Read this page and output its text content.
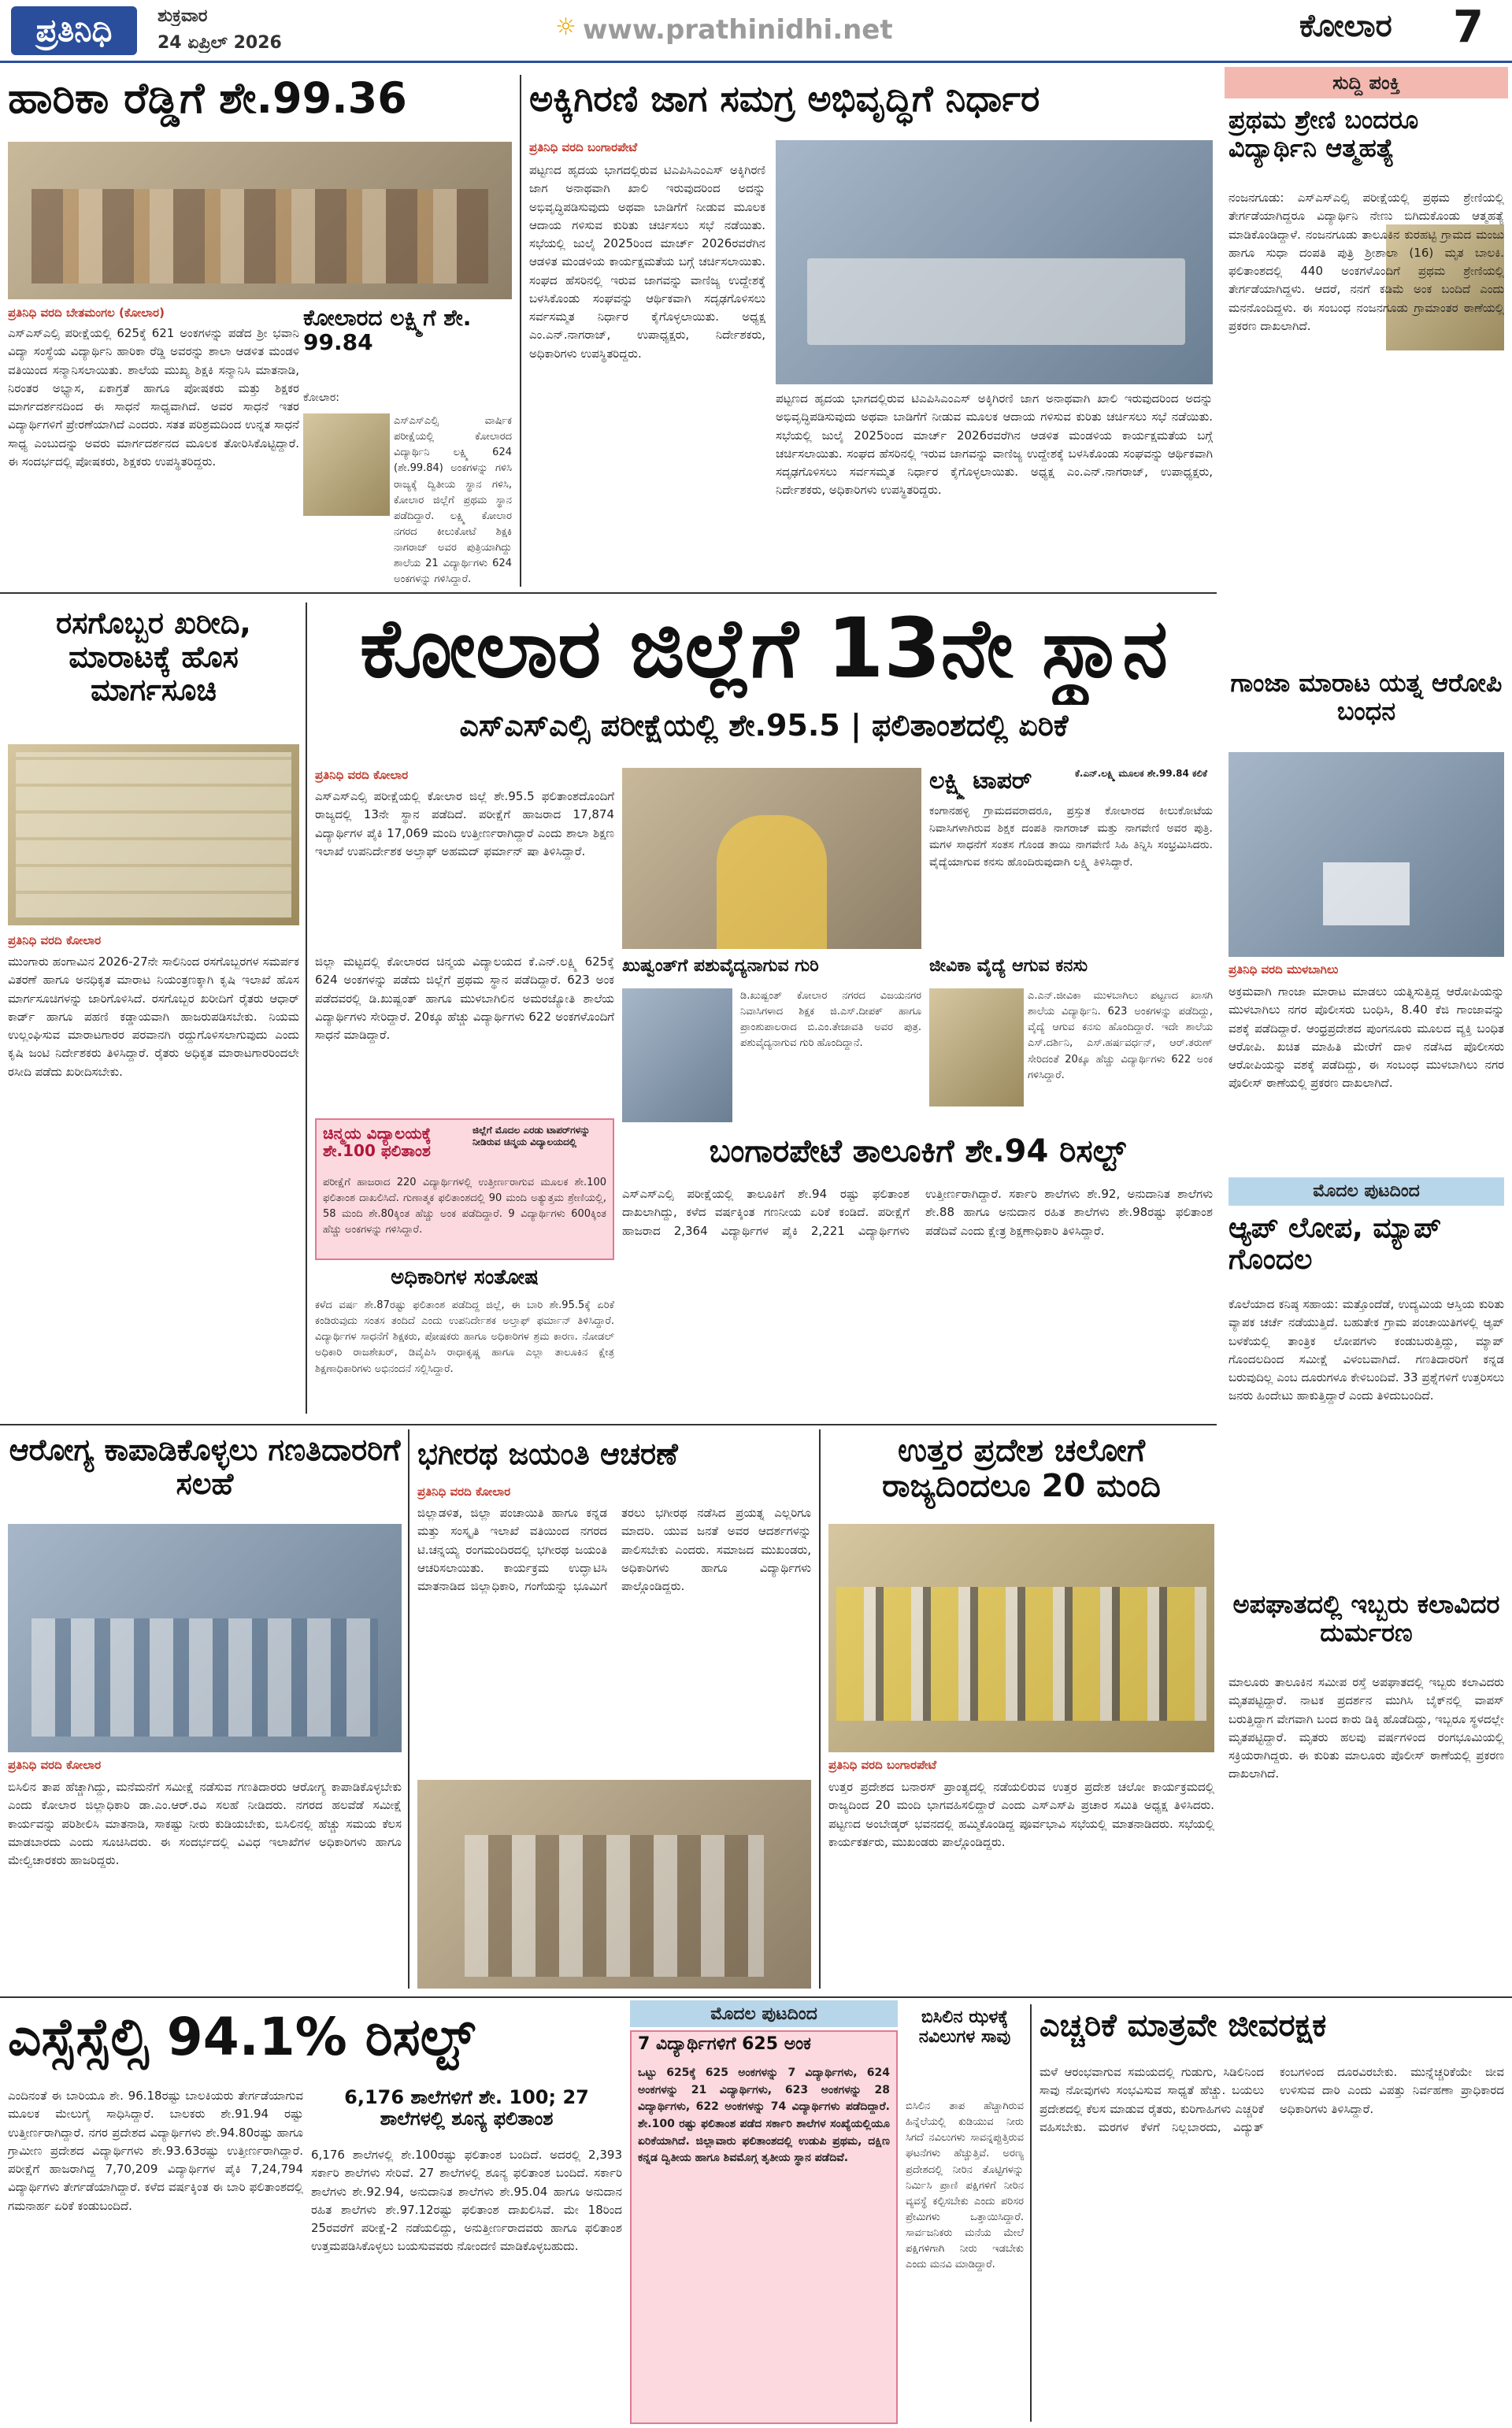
ಪ್ರತಿನಿಧಿ	ಶುಕ್ರವಾರ
24 ಏಪ್ರಿಲ್ 2026
☼ www.prathinidhi.net	ಕೋಲಾರ 7
ಹಾರಿಕಾ ರೆಡ್ಡಿಗೆ ಶೇ.99.36
ಕೋಲಾರದ ಲಕ್ಷ್ಮಿಗೆ ಶೇ. 99.84
ಕೋಲಾರ:
ಎಸ್ಎಸ್ಎಲ್ಸಿ ವಾರ್ಷಿಕ ಪರೀಕ್ಷೆಯಲ್ಲಿ ಕೋಲಾರದ ವಿದ್ಯಾರ್ಥಿನಿ ಲಕ್ಷ್ಮಿ 624 (ಶೇ.99.84) ಅಂಕಗಳನ್ನು ಗಳಿಸಿ ರಾಜ್ಯಕ್ಕೆ ದ್ವಿತೀಯ ಸ್ಥಾನ ಗಳಿಸಿ, ಕೋಲಾರ ಜಿಲ್ಲೆಗೆ ಪ್ರಥಮ ಸ್ಥಾನ ಪಡೆದಿದ್ದಾರೆ. ಲಕ್ಷ್ಮಿ ಕೋಲಾರ ನಗರದ ಕೀಲುಕೋಟೆ ಶಿಕ್ಷಕಿ ನಾಗರಾಜ್ ಅವರ ಪುತ್ರಿಯಾಗಿದ್ದು ಶಾಲೆಯ 21 ವಿದ್ಯಾರ್ಥಿಗಳು 624 ಅಂಕಗಳನ್ನು ಗಳಿಸಿದ್ದಾರೆ.
ಪ್ರತಿನಿಧಿ ವರದಿ ಬೇತಮಂಗಲ (ಕೋಲಾರ)
ಎಸ್ಎಸ್ಎಲ್ಸಿ ಪರೀಕ್ಷೆಯಲ್ಲಿ 625ಕ್ಕೆ 621 ಅಂಕಗಳನ್ನು ಪಡೆದ ಶ್ರೀ ಭವಾನಿ ವಿದ್ಯಾ ಸಂಸ್ಥೆಯ ವಿದ್ಯಾರ್ಥಿನಿ ಹಾರಿಕಾ ರೆಡ್ಡಿ ಅವರನ್ನು ಶಾಲಾ ಆಡಳಿತ ಮಂಡಳಿ ವತಿಯಿಂದ ಸನ್ಮಾನಿಸಲಾಯಿತು. ಶಾಲೆಯ ಮುಖ್ಯ ಶಿಕ್ಷಕಿ ಸನ್ಮಾನಿಸಿ ಮಾತನಾಡಿ, ನಿರಂತರ ಅಭ್ಯಾಸ, ಏಕಾಗ್ರತೆ ಹಾಗೂ ಪೋಷಕರು ಮತ್ತು ಶಿಕ್ಷಕರ ಮಾರ್ಗದರ್ಶನದಿಂದ ಈ ಸಾಧನೆ ಸಾಧ್ಯವಾಗಿದೆ. ಅವರ ಸಾಧನೆ ಇತರ ವಿದ್ಯಾರ್ಥಿಗಳಿಗೆ ಪ್ರೇರಣೆಯಾಗಿದೆ ಎಂದರು. ಸತತ ಪರಿಶ್ರಮದಿಂದ ಉನ್ನತ ಸಾಧನೆ ಸಾಧ್ಯ ಎಂಬುದನ್ನು ಅವರು ಮಾರ್ಗದರ್ಶನದ ಮೂಲಕ ತೋರಿಸಿಕೊಟ್ಟಿದ್ದಾರೆ. ಈ ಸಂದರ್ಭದಲ್ಲಿ ಪೋಷಕರು, ಶಿಕ್ಷಕರು ಉಪಸ್ಥಿತರಿದ್ದರು.
ಅಕ್ಕಿಗಿರಣಿ ಜಾಗ ಸಮಗ್ರ ಅಭಿವೃದ್ಧಿಗೆ ನಿರ್ಧಾರ
ಪ್ರತಿನಿಧಿ ವರದಿ ಬಂಗಾರಪೇಟೆ
ಪಟ್ಟಣದ ಹೃದಯ ಭಾಗದಲ್ಲಿರುವ ಟಿಎಪಿಸಿಎಂಎಸ್ ಅಕ್ಕಿಗಿರಣಿ ಜಾಗ ಅನಾಥವಾಗಿ ಖಾಲಿ ಇರುವುದರಿಂದ ಅದನ್ನು ಅಭಿವೃದ್ಧಿಪಡಿಸುವುದು ಅಥವಾ ಬಾಡಿಗೆಗೆ ನೀಡುವ ಮೂಲಕ ಆದಾಯ ಗಳಿಸುವ ಕುರಿತು ಚರ್ಚಿಸಲು ಸಭೆ ನಡೆಯಿತು. ಸಭೆಯಲ್ಲಿ ಜುಲೈ 2025ರಿಂದ ಮಾರ್ಚ್ 2026ರವರೆಗಿನ ಆಡಳಿತ ಮಂಡಳಿಯ ಕಾರ್ಯಕ್ಷಮತೆಯ ಬಗ್ಗೆ ಚರ್ಚಿಸಲಾಯಿತು. ಸಂಘದ ಹೆಸರಿನಲ್ಲಿ ಇರುವ ಜಾಗವನ್ನು ವಾಣಿಜ್ಯ ಉದ್ದೇಶಕ್ಕೆ ಬಳಸಿಕೊಂಡು ಸಂಘವನ್ನು ಆರ್ಥಿಕವಾಗಿ ಸದೃಢಗೊಳಿಸಲು ಸರ್ವಸಮ್ಮತ ನಿರ್ಧಾರ ಕೈಗೊಳ್ಳಲಾಯಿತು. ಅಧ್ಯಕ್ಷ ಎಂ.ಎನ್.ನಾಗರಾಜ್, ಉಪಾಧ್ಯಕ್ಷರು, ನಿರ್ದೇಶಕರು, ಅಧಿಕಾರಿಗಳು ಉಪಸ್ಥಿತರಿದ್ದರು.
ಪಟ್ಟಣದ ಹೃದಯ ಭಾಗದಲ್ಲಿರುವ ಟಿಎಪಿಸಿಎಂಎಸ್ ಅಕ್ಕಿಗಿರಣಿ ಜಾಗ ಅನಾಥವಾಗಿ ಖಾಲಿ ಇರುವುದರಿಂದ ಅದನ್ನು ಅಭಿವೃದ್ಧಿಪಡಿಸುವುದು ಅಥವಾ ಬಾಡಿಗೆಗೆ ನೀಡುವ ಮೂಲಕ ಆದಾಯ ಗಳಿಸುವ ಕುರಿತು ಚರ್ಚಿಸಲು ಸಭೆ ನಡೆಯಿತು. ಸಭೆಯಲ್ಲಿ ಜುಲೈ 2025ರಿಂದ ಮಾರ್ಚ್ 2026ರವರೆಗಿನ ಆಡಳಿತ ಮಂಡಳಿಯ ಕಾರ್ಯಕ್ಷಮತೆಯ ಬಗ್ಗೆ ಚರ್ಚಿಸಲಾಯಿತು. ಸಂಘದ ಹೆಸರಿನಲ್ಲಿ ಇರುವ ಜಾಗವನ್ನು ವಾಣಿಜ್ಯ ಉದ್ದೇಶಕ್ಕೆ ಬಳಸಿಕೊಂಡು ಸಂಘವನ್ನು ಆರ್ಥಿಕವಾಗಿ ಸದೃಢಗೊಳಿಸಲು ಸರ್ವಸಮ್ಮತ ನಿರ್ಧಾರ ಕೈಗೊಳ್ಳಲಾಯಿತು. ಅಧ್ಯಕ್ಷ ಎಂ.ಎನ್.ನಾಗರಾಜ್, ಉಪಾಧ್ಯಕ್ಷರು, ನಿರ್ದೇಶಕರು, ಅಧಿಕಾರಿಗಳು ಉಪಸ್ಥಿತರಿದ್ದರು.
ಸುದ್ದಿ ಪಂಕ್ತಿ
ಪ್ರಥಮ ಶ್ರೇಣಿ ಬಂದರೂ ವಿದ್ಯಾರ್ಥಿನಿ ಆತ್ಮಹತ್ಯೆ
ನಂಜನಗೂಡು: ಎಸ್ಎಸ್ಎಲ್ಸಿ ಪರೀಕ್ಷೆಯಲ್ಲಿ ಪ್ರಥಮ ಶ್ರೇಣಿಯಲ್ಲಿ ತೇರ್ಗಡೆಯಾಗಿದ್ದರೂ ವಿದ್ಯಾರ್ಥಿನಿ ನೇಣು ಬಿಗಿದುಕೊಂಡು ಆತ್ಮಹತ್ಯೆ ಮಾಡಿಕೊಂಡಿದ್ದಾಳೆ. ನಂಜನಗೂಡು ತಾಲೂಕಿನ ಕುರಹಟ್ಟಿ ಗ್ರಾಮದ ಮಂಜು ಹಾಗೂ ಸುಧಾ ದಂಪತಿ ಪುತ್ರಿ ಶ್ರೀಶಾಲಾ (16) ಮೃತ ಬಾಲಕಿ. ಫಲಿತಾಂಶದಲ್ಲಿ 440 ಅಂಕಗಳೊಂದಿಗೆ ಪ್ರಥಮ ಶ್ರೇಣಿಯಲ್ಲಿ ತೇರ್ಗಡೆಯಾಗಿದ್ದಳು. ಆದರೆ, ನನಗೆ ಕಡಿಮೆ ಅಂಕ ಬಂದಿದೆ ಎಂದು ಮನನೊಂದಿದ್ದಳು. ಈ ಸಂಬಂಧ ನಂಜನಗೂಡು ಗ್ರಾಮಾಂತರ ಠಾಣೆಯಲ್ಲಿ ಪ್ರಕರಣ ದಾಖಲಾಗಿದೆ.
ರಸಗೊಬ್ಬರ ಖರೀದಿ, ಮಾರಾಟಕ್ಕೆ ಹೊಸ ಮಾರ್ಗಸೂಚಿ
ಪ್ರತಿನಿಧಿ ವರದಿ ಕೋಲಾರ
ಮುಂಗಾರು ಹಂಗಾಮಿನ 2026-27ನೇ ಸಾಲಿನಿಂದ ರಸಗೊಬ್ಬರಗಳ ಸಮರ್ಪಕ ವಿತರಣೆ ಹಾಗೂ ಅನಧಿಕೃತ ಮಾರಾಟ ನಿಯಂತ್ರಣಕ್ಕಾಗಿ ಕೃಷಿ ಇಲಾಖೆ ಹೊಸ ಮಾರ್ಗಸೂಚಿಗಳನ್ನು ಜಾರಿಗೊಳಿಸಿದೆ. ರಸಗೊಬ್ಬರ ಖರೀದಿಗೆ ರೈತರು ಆಧಾರ್ ಕಾರ್ಡ್ ಹಾಗೂ ಪಹಣಿ ಕಡ್ಡಾಯವಾಗಿ ಹಾಜರುಪಡಿಸಬೇಕು. ನಿಯಮ ಉಲ್ಲಂಘಿಸುವ ಮಾರಾಟಗಾರರ ಪರವಾನಗಿ ರದ್ದುಗೊಳಿಸಲಾಗುವುದು ಎಂದು ಕೃಷಿ ಜಂಟಿ ನಿರ್ದೇಶಕರು ತಿಳಿಸಿದ್ದಾರೆ. ರೈತರು ಅಧಿಕೃತ ಮಾರಾಟಗಾರರಿಂದಲೇ ರಸೀದಿ ಪಡೆದು ಖರೀದಿಸಬೇಕು.
ಕೋಲಾರ ಜಿಲ್ಲೆಗೆ 13ನೇ ಸ್ಥಾನ
ಎಸ್ಎಸ್ಎಲ್ಸಿ ಪರೀಕ್ಷೆಯಲ್ಲಿ ಶೇ.95.5 | ಫಲಿತಾಂಶದಲ್ಲಿ ಏರಿಕೆ
ಪ್ರತಿನಿಧಿ ವರದಿ ಕೋಲಾರ
ಎಸ್ಎಸ್ಎಲ್ಸಿ ಪರೀಕ್ಷೆಯಲ್ಲಿ ಕೋಲಾರ ಜಿಲ್ಲೆ ಶೇ.95.5 ಫಲಿತಾಂಶದೊಂದಿಗೆ ರಾಜ್ಯದಲ್ಲಿ 13ನೇ ಸ್ಥಾನ ಪಡೆದಿದೆ. ಪರೀಕ್ಷೆಗೆ ಹಾಜರಾದ 17,874 ವಿದ್ಯಾರ್ಥಿಗಳ ಪೈಕಿ 17,069 ಮಂದಿ ಉತ್ತೀರ್ಣರಾಗಿದ್ದಾರೆ ಎಂದು ಶಾಲಾ ಶಿಕ್ಷಣ ಇಲಾಖೆ ಉಪನಿರ್ದೇಶಕ ಅಲ್ತಾಫ್ ಅಹಮದ್ ಫರ್ಮಾನ್ ಷಾ ತಿಳಿಸಿದ್ದಾರೆ.
ಜಿಲ್ಲಾ ಮಟ್ಟದಲ್ಲಿ ಕೋಲಾರದ ಚಿನ್ಮಯ ವಿದ್ಯಾಲಯದ ಕೆ.ಎನ್.ಲಕ್ಷ್ಮಿ 625ಕ್ಕೆ 624 ಅಂಕಗಳನ್ನು ಪಡೆದು ಜಿಲ್ಲೆಗೆ ಪ್ರಥಮ ಸ್ಥಾನ ಪಡೆದಿದ್ದಾರೆ. 623 ಅಂಕ ಪಡೆದವರಲ್ಲಿ ಡಿ.ಖುಷ್ಬಂತ್ ಹಾಗೂ ಮುಳಬಾಗಿಲಿನ ಅಮರಜ್ಯೋತಿ ಶಾಲೆಯ ವಿದ್ಯಾರ್ಥಿಗಳು ಸೇರಿದ್ದಾರೆ. 20ಕ್ಕೂ ಹೆಚ್ಚು ವಿದ್ಯಾರ್ಥಿಗಳು 622 ಅಂಕಗಳೊಂದಿಗೆ ಸಾಧನೆ ಮಾಡಿದ್ದಾರೆ.
ಚಿನ್ಮಯ ವಿದ್ಯಾಲಯಕ್ಕೆ ಶೇ.100 ಫಲಿತಾಂಶ
ಜಿಲ್ಲೆಗೆ ಮೊದಲ ಎರಡು ಟಾಪರ್‌ಗಳನ್ನು ನೀಡಿರುವ ಚಿನ್ಮಯ ವಿದ್ಯಾಲಯದಲ್ಲಿ
ಪರೀಕ್ಷೆಗೆ ಹಾಜರಾದ 220 ವಿದ್ಯಾರ್ಥಿಗಳಲ್ಲಿ ಉತ್ತೀರ್ಣರಾಗುವ ಮೂಲಕ ಶೇ.100 ಫಲಿತಾಂಶ ದಾಖಲಿಸಿದೆ. ಗುಣಾತ್ಮಕ ಫಲಿತಾಂಶದಲ್ಲಿ 90 ಮಂದಿ ಅತ್ಯುತ್ತಮ ಶ್ರೇಣಿಯಲ್ಲಿ, 58 ಮಂದಿ ಶೇ.80ಕ್ಕಿಂತ ಹೆಚ್ಚು ಅಂಕ ಪಡೆದಿದ್ದಾರೆ. 9 ವಿದ್ಯಾರ್ಥಿಗಳು 600ಕ್ಕಿಂತ ಹೆಚ್ಚು ಅಂಕಗಳನ್ನು ಗಳಿಸಿದ್ದಾರೆ.
ಅಧಿಕಾರಿಗಳ ಸಂತೋಷ
ಕಳೆದ ವರ್ಷ ಶೇ.87ರಷ್ಟು ಫಲಿತಾಂಶ ಪಡೆದಿದ್ದ ಜಿಲ್ಲೆ, ಈ ಬಾರಿ ಶೇ.95.5ಕ್ಕೆ ಏರಿಕೆ ಕಂಡಿರುವುದು ಸಂತಸ ತಂದಿದೆ ಎಂದು ಉಪನಿರ್ದೇಶಕ ಅಲ್ತಾಫ್ ಫರ್ಮಾನ್ ತಿಳಿಸಿದ್ದಾರೆ. ವಿದ್ಯಾರ್ಥಿಗಳ ಸಾಧನೆಗೆ ಶಿಕ್ಷಕರು, ಪೋಷಕರು ಹಾಗೂ ಅಧಿಕಾರಿಗಳ ಶ್ರಮ ಕಾರಣ. ನೋಡಲ್ ಅಧಿಕಾರಿ ರಾಜಶೇಖರ್, ಡಿವೈಪಿಸಿ ರಾಧಾಕೃಷ್ಣ ಹಾಗೂ ಎಲ್ಲಾ ತಾಲೂಕಿನ ಕ್ಷೇತ್ರ ಶಿಕ್ಷಣಾಧಿಕಾರಿಗಳು ಅಭಿನಂದನೆ ಸಲ್ಲಿಸಿದ್ದಾರೆ.
ಲಕ್ಷ್ಮಿ ಟಾಪರ್	ಕೆ.ಎನ್.ಲಕ್ಷ್ಮಿ ಮೂಲಕ ಶೇ.99.84 ಕಲಿಕೆ
ಕಂಗಾನಹಳ್ಳಿ ಗ್ರಾಮದವರಾದರೂ, ಪ್ರಸ್ತುತ ಕೋಲಾರದ ಕೀಲುಕೋಟೆಯ ನಿವಾಸಿಗಳಾಗಿರುವ ಶಿಕ್ಷಕ ದಂಪತಿ ನಾಗರಾಜ್ ಮತ್ತು ನಾಗವೇಣಿ ಅವರ ಪುತ್ರಿ. ಮಗಳ ಸಾಧನೆಗೆ ಸಂತಸ ಗೊಂಡ ತಾಯಿ ನಾಗವೇಣಿ ಸಿಹಿ ತಿನ್ನಿಸಿ ಸಂಭ್ರಮಿಸಿದರು. ವೈದ್ಯೆಯಾಗುವ ಕನಸು ಹೊಂದಿರುವುದಾಗಿ ಲಕ್ಷ್ಮಿ ತಿಳಿಸಿದ್ದಾರೆ.
ಖುಷ್ವಂತ್‌ಗೆ ಪಶುವೈದ್ಯನಾಗುವ ಗುರಿ
ಡಿ.ಖುಷ್ಬಂತ್ ಕೋಲಾರ ನಗರದ ವಿಜಯನಗರ ನಿವಾಸಿಗಳಾದ ಶಿಕ್ಷಕ ಜಿ.ಎಸ್.ದೀಪಕ್ ಹಾಗೂ ಪ್ರಾಂಶುಪಾಲರಾದ ಬಿ.ಎಂ.ತೇಜಾವತಿ ಅವರ ಪುತ್ರ. ಪಶುವೈದ್ಯನಾಗುವ ಗುರಿ ಹೊಂದಿದ್ದಾನೆ.
ಜೀವಿಕಾ ವೈದ್ಯೆ ಆಗುವ ಕನಸು
ಎ.ಎನ್.ಜೀವಿಕಾ ಮುಳಬಾಗಿಲು ಪಟ್ಟಣದ ಖಾಸಗಿ ಶಾಲೆಯ ವಿದ್ಯಾರ್ಥಿನಿ. 623 ಅಂಕಗಳನ್ನು ಪಡೆದಿದ್ದು, ವೈದ್ಯೆ ಆಗುವ ಕನಸು ಹೊಂದಿದ್ದಾರೆ. ಇದೇ ಶಾಲೆಯ ಎಸ್.ದರ್ಶಿನಿ, ಎಸ್.ಹರ್ಷವರ್ಧನ್, ಆರ್.ತರುಣ್ ಸೇರಿದಂತೆ 20ಕ್ಕೂ ಹೆಚ್ಚು ವಿದ್ಯಾರ್ಥಿಗಳು 622 ಅಂಕ ಗಳಿಸಿದ್ದಾರೆ.
ಬಂಗಾರಪೇಟೆ ತಾಲೂಕಿಗೆ ಶೇ.94 ರಿಸಲ್ಟ್
ಎಸ್ಎಸ್ಎಲ್ಸಿ ಪರೀಕ್ಷೆಯಲ್ಲಿ ತಾಲೂಕಿಗೆ ಶೇ.94 ರಷ್ಟು ಫಲಿತಾಂಶ ದಾಖಲಾಗಿದ್ದು, ಕಳೆದ ವರ್ಷಕ್ಕಿಂತ ಗಣನೀಯ ಏರಿಕೆ ಕಂಡಿದೆ. ಪರೀಕ್ಷೆಗೆ ಹಾಜರಾದ 2,364 ವಿದ್ಯಾರ್ಥಿಗಳ ಪೈಕಿ 2,221 ವಿದ್ಯಾರ್ಥಿಗಳು ಉತ್ತೀರ್ಣರಾಗಿದ್ದಾರೆ. ಸರ್ಕಾರಿ ಶಾಲೆಗಳು ಶೇ.92, ಅನುದಾನಿತ ಶಾಲೆಗಳು ಶೇ.88 ಹಾಗೂ ಅನುದಾನ ರಹಿತ ಶಾಲೆಗಳು ಶೇ.98ರಷ್ಟು ಫಲಿತಾಂಶ ಪಡೆದಿವೆ ಎಂದು ಕ್ಷೇತ್ರ ಶಿಕ್ಷಣಾಧಿಕಾರಿ ತಿಳಿಸಿದ್ದಾರೆ.
ಗಾಂಜಾ ಮಾರಾಟ ಯತ್ನ ಆರೋಪಿ ಬಂಧನ
ಪ್ರತಿನಿಧಿ ವರದಿ ಮುಳಬಾಗಿಲು
ಅಕ್ರಮವಾಗಿ ಗಾಂಜಾ ಮಾರಾಟ ಮಾಡಲು ಯತ್ನಿಸುತ್ತಿದ್ದ ಆರೋಪಿಯನ್ನು ಮುಳಬಾಗಿಲು ನಗರ ಪೊಲೀಸರು ಬಂಧಿಸಿ, 8.40 ಕೆಜಿ ಗಾಂಜಾವನ್ನು ವಶಕ್ಕೆ ಪಡೆದಿದ್ದಾರೆ. ಆಂಧ್ರಪ್ರದೇಶದ ಪುಂಗನೂರು ಮೂಲದ ವ್ಯಕ್ತಿ ಬಂಧಿತ ಆರೋಪಿ. ಖಚಿತ ಮಾಹಿತಿ ಮೇರೆಗೆ ದಾಳಿ ನಡೆಸಿದ ಪೊಲೀಸರು ಆರೋಪಿಯನ್ನು ವಶಕ್ಕೆ ಪಡೆದಿದ್ದು, ಈ ಸಂಬಂಧ ಮುಳಬಾಗಿಲು ನಗರ ಪೊಲೀಸ್ ಠಾಣೆಯಲ್ಲಿ ಪ್ರಕರಣ ದಾಖಲಾಗಿದೆ.
ಮೊದಲ ಪುಟದಿಂದ
ಆ್ಯಪ್ ಲೋಪ, ಮ್ಯಾಪ್ ಗೊಂದಲ
ಕೊಲೆಯಾದ ಕನಿಷ್ಠ ಸಹಾಯ: ಮತ್ತೊಂದೆಡೆ, ಉದ್ಯಮಿಯ ಆಸ್ತಿಯ ಕುರಿತು ವ್ಯಾಪಕ ಚರ್ಚೆ ನಡೆಯುತ್ತಿದೆ. ಬಹುತೇಕ ಗ್ರಾಮ ಪಂಚಾಯಿತಿಗಳಲ್ಲಿ ಆ್ಯಪ್ ಬಳಕೆಯಲ್ಲಿ ತಾಂತ್ರಿಕ ಲೋಪಗಳು ಕಂಡುಬರುತ್ತಿದ್ದು, ಮ್ಯಾಪ್ ಗೊಂದಲದಿಂದ ಸಮೀಕ್ಷೆ ವಿಳಂಬವಾಗಿದೆ. ಗಣತಿದಾರರಿಗೆ ಕನ್ನಡ ಬರುವುದಿಲ್ಲ ಎಂಬ ದೂರುಗಳೂ ಕೇಳಿಬಂದಿವೆ. 33 ಪ್ರಶ್ನೆಗಳಿಗೆ ಉತ್ತರಿಸಲು ಜನರು ಹಿಂದೇಟು ಹಾಕುತ್ತಿದ್ದಾರೆ ಎಂದು ತಿಳಿದುಬಂದಿದೆ.
ಆರೋಗ್ಯ ಕಾಪಾಡಿಕೊಳ್ಳಲು ಗಣತಿದಾರರಿಗೆ ಸಲಹೆ
ಪ್ರತಿನಿಧಿ ವರದಿ ಕೋಲಾರ
ಬಿಸಿಲಿನ ತಾಪ ಹೆಚ್ಚಾಗಿದ್ದು, ಮನೆಮನೆಗೆ ಸಮೀಕ್ಷೆ ನಡೆಸುವ ಗಣತಿದಾರರು ಆರೋಗ್ಯ ಕಾಪಾಡಿಕೊಳ್ಳಬೇಕು ಎಂದು ಕೋಲಾರ ಜಿಲ್ಲಾಧಿಕಾರಿ ಡಾ.ಎಂ.ಆರ್.ರವಿ ಸಲಹೆ ನೀಡಿದರು. ನಗರದ ಹಲವೆಡೆ ಸಮೀಕ್ಷೆ ಕಾರ್ಯವನ್ನು ಪರಿಶೀಲಿಸಿ ಮಾತನಾಡಿ, ಸಾಕಷ್ಟು ನೀರು ಕುಡಿಯಬೇಕು, ಬಿಸಿಲಿನಲ್ಲಿ ಹೆಚ್ಚು ಸಮಯ ಕೆಲಸ ಮಾಡಬಾರದು ಎಂದು ಸೂಚಿಸಿದರು. ಈ ಸಂದರ್ಭದಲ್ಲಿ ವಿವಿಧ ಇಲಾಖೆಗಳ ಅಧಿಕಾರಿಗಳು ಹಾಗೂ ಮೇಲ್ವಿಚಾರಕರು ಹಾಜರಿದ್ದರು.
ಭಗೀರಥ ಜಯಂತಿ ಆಚರಣೆ
ಪ್ರತಿನಿಧಿ ವರದಿ ಕೋಲಾರ
ಜಿಲ್ಲಾಡಳಿತ, ಜಿಲ್ಲಾ ಪಂಚಾಯಿತಿ ಹಾಗೂ ಕನ್ನಡ ಮತ್ತು ಸಂಸ್ಕೃತಿ ಇಲಾಖೆ ವತಿಯಿಂದ ನಗರದ ಟಿ.ಚನ್ನಯ್ಯ ರಂಗಮಂದಿರದಲ್ಲಿ ಭಗೀರಥ ಜಯಂತಿ ಆಚರಿಸಲಾಯಿತು. ಕಾರ್ಯಕ್ರಮ ಉದ್ಘಾಟಿಸಿ ಮಾತನಾಡಿದ ಜಿಲ್ಲಾಧಿಕಾರಿ, ಗಂಗೆಯನ್ನು ಭೂಮಿಗೆ ತರಲು ಭಗೀರಥ ನಡೆಸಿದ ಪ್ರಯತ್ನ ಎಲ್ಲರಿಗೂ ಮಾದರಿ. ಯುವ ಜನತೆ ಅವರ ಆದರ್ಶಗಳನ್ನು ಪಾಲಿಸಬೇಕು ಎಂದರು. ಸಮಾಜದ ಮುಖಂಡರು, ಅಧಿಕಾರಿಗಳು ಹಾಗೂ ವಿದ್ಯಾರ್ಥಿಗಳು ಪಾಲ್ಗೊಂಡಿದ್ದರು.
ಉತ್ತರ ಪ್ರದೇಶ ಚಲೋಗೆ ರಾಜ್ಯದಿಂದಲೂ 20 ಮಂದಿ
ಪ್ರತಿನಿಧಿ ವರದಿ ಬಂಗಾರಪೇಟೆ
ಉತ್ತರ ಪ್ರದೇಶದ ಬನಾರಸ್ ಪ್ರಾಂತ್ಯದಲ್ಲಿ ನಡೆಯಲಿರುವ ಉತ್ತರ ಪ್ರದೇಶ ಚಲೋ ಕಾರ್ಯಕ್ರಮದಲ್ಲಿ ರಾಜ್ಯದಿಂದ 20 ಮಂದಿ ಭಾಗವಹಿಸಲಿದ್ದಾರೆ ಎಂದು ಎಸ್‌ಎಸ್‌ಪಿ ಪ್ರಚಾರ ಸಮಿತಿ ಅಧ್ಯಕ್ಷ ತಿಳಿಸಿದರು. ಪಟ್ಟಣದ ಅಂಬೇಡ್ಕರ್ ಭವನದಲ್ಲಿ ಹಮ್ಮಿಕೊಂಡಿದ್ದ ಪೂರ್ವಭಾವಿ ಸಭೆಯಲ್ಲಿ ಮಾತನಾಡಿದರು. ಸಭೆಯಲ್ಲಿ ಕಾರ್ಯಕರ್ತರು, ಮುಖಂಡರು ಪಾಲ್ಗೊಂಡಿದ್ದರು.
ಅಪಘಾತದಲ್ಲಿ ಇಬ್ಬರು ಕಲಾವಿದರ ದುರ್ಮರಣ
ಮಾಲೂರು ತಾಲೂಕಿನ ಸಮೀಪ ರಸ್ತೆ ಅಪಘಾತದಲ್ಲಿ ಇಬ್ಬರು ಕಲಾವಿದರು ಮೃತಪಟ್ಟಿದ್ದಾರೆ. ನಾಟಕ ಪ್ರದರ್ಶನ ಮುಗಿಸಿ ಬೈಕ್‌ನಲ್ಲಿ ವಾಪಸ್ ಬರುತ್ತಿದ್ದಾಗ ವೇಗವಾಗಿ ಬಂದ ಕಾರು ಡಿಕ್ಕಿ ಹೊಡೆದಿದ್ದು, ಇಬ್ಬರೂ ಸ್ಥಳದಲ್ಲೇ ಮೃತಪಟ್ಟಿದ್ದಾರೆ. ಮೃತರು ಹಲವು ವರ್ಷಗಳಿಂದ ರಂಗಭೂಮಿಯಲ್ಲಿ ಸಕ್ರಿಯರಾಗಿದ್ದರು. ಈ ಕುರಿತು ಮಾಲೂರು ಪೊಲೀಸ್ ಠಾಣೆಯಲ್ಲಿ ಪ್ರಕರಣ ದಾಖಲಾಗಿದೆ.
ಎಸ್ಸೆಸ್ಸೆಲ್ಸಿ 94.1% ರಿಸಲ್ಟ್
ಎಂದಿನಂತೆ ಈ ಬಾರಿಯೂ ಶೇ. 96.18ರಷ್ಟು ಬಾಲಕಿಯರು ತೇರ್ಗಡೆಯಾಗುವ ಮೂಲಕ ಮೇಲುಗೈ ಸಾಧಿಸಿದ್ದಾರೆ. ಬಾಲಕರು ಶೇ.91.94 ರಷ್ಟು ಉತ್ತೀರ್ಣರಾಗಿದ್ದಾರೆ. ನಗರ ಪ್ರದೇಶದ ವಿದ್ಯಾರ್ಥಿಗಳು ಶೇ.94.80ರಷ್ಟು ಹಾಗೂ ಗ್ರಾಮೀಣ ಪ್ರದೇಶದ ವಿದ್ಯಾರ್ಥಿಗಳು ಶೇ.93.63ರಷ್ಟು ಉತ್ತೀರ್ಣರಾಗಿದ್ದಾರೆ. ಪರೀಕ್ಷೆಗೆ ಹಾಜರಾಗಿದ್ದ 7,70,209 ವಿದ್ಯಾರ್ಥಿಗಳ ಪೈಕಿ 7,24,794 ವಿದ್ಯಾರ್ಥಿಗಳು ತೇರ್ಗಡೆಯಾಗಿದ್ದಾರೆ. ಕಳೆದ ವರ್ಷಕ್ಕಿಂತ ಈ ಬಾರಿ ಫಲಿತಾಂಶದಲ್ಲಿ ಗಮನಾರ್ಹ ಏರಿಕೆ ಕಂಡುಬಂದಿದೆ.
6,176 ಶಾಲೆಗಳಿಗೆ ಶೇ. 100; 27 ಶಾಲೆಗಳಲ್ಲಿ ಶೂನ್ಯ ಫಲಿತಾಂಶ
6,176 ಶಾಲೆಗಳಲ್ಲಿ ಶೇ.100ರಷ್ಟು ಫಲಿತಾಂಶ ಬಂದಿದೆ. ಅದರಲ್ಲಿ 2,393 ಸರ್ಕಾರಿ ಶಾಲೆಗಳು ಸೇರಿವೆ. 27 ಶಾಲೆಗಳಲ್ಲಿ ಶೂನ್ಯ ಫಲಿತಾಂಶ ಬಂದಿದೆ. ಸರ್ಕಾರಿ ಶಾಲೆಗಳು ಶೇ.92.94, ಅನುದಾನಿತ ಶಾಲೆಗಳು ಶೇ.95.04 ಹಾಗೂ ಅನುದಾನ ರಹಿತ ಶಾಲೆಗಳು ಶೇ.97.12ರಷ್ಟು ಫಲಿತಾಂಶ ದಾಖಲಿಸಿವೆ. ಮೇ 18ರಿಂದ 25ರವರೆಗೆ ಪರೀಕ್ಷೆ-2 ನಡೆಯಲಿದ್ದು, ಅನುತ್ತೀರ್ಣರಾದವರು ಹಾಗೂ ಫಲಿತಾಂಶ ಉತ್ತಮಪಡಿಸಿಕೊಳ್ಳಲು ಬಯಸುವವರು ನೋಂದಣಿ ಮಾಡಿಕೊಳ್ಳಬಹುದು.
ಮೊದಲ ಪುಟದಿಂದ
7 ವಿದ್ಯಾರ್ಥಿಗಳಿಗೆ 625 ಅಂಕ
ಒಟ್ಟು 625ಕ್ಕೆ 625 ಅಂಕಗಳನ್ನು 7 ವಿದ್ಯಾರ್ಥಿಗಳು, 624 ಅಂಕಗಳನ್ನು 21 ವಿದ್ಯಾರ್ಥಿಗಳು, 623 ಅಂಕಗಳನ್ನು 28 ವಿದ್ಯಾರ್ಥಿಗಳು, 622 ಅಂಕಗಳನ್ನು 74 ವಿದ್ಯಾರ್ಥಿಗಳು ಪಡೆದಿದ್ದಾರೆ. ಶೇ.100 ರಷ್ಟು ಫಲಿತಾಂಶ ಪಡೆದ ಸರ್ಕಾರಿ ಶಾಲೆಗಳ ಸಂಖ್ಯೆಯಲ್ಲಿಯೂ ಏರಿಕೆಯಾಗಿದೆ. ಜಿಲ್ಲಾವಾರು ಫಲಿತಾಂಶದಲ್ಲಿ ಉಡುಪಿ ಪ್ರಥಮ, ದಕ್ಷಿಣ ಕನ್ನಡ ದ್ವಿತೀಯ ಹಾಗೂ ಶಿವಮೊಗ್ಗ ತೃತೀಯ ಸ್ಥಾನ ಪಡೆದಿವೆ.
ಬಿಸಿಲಿನ ಝಳಕ್ಕೆ ನವಿಲುಗಳ ಸಾವು
ಬಿಸಿಲಿನ ತಾಪ ಹೆಚ್ಚಾಗಿರುವ ಹಿನ್ನೆಲೆಯಲ್ಲಿ ಕುಡಿಯುವ ನೀರು ಸಿಗದೆ ನವಿಲುಗಳು ಸಾವನ್ನಪ್ಪುತ್ತಿರುವ ಘಟನೆಗಳು ಹೆಚ್ಚುತ್ತಿವೆ. ಅರಣ್ಯ ಪ್ರದೇಶದಲ್ಲಿ ನೀರಿನ ತೊಟ್ಟಿಗಳನ್ನು ನಿರ್ಮಿಸಿ ಪ್ರಾಣಿ ಪಕ್ಷಿಗಳಿಗೆ ನೀರಿನ ವ್ಯವಸ್ಥೆ ಕಲ್ಪಿಸಬೇಕು ಎಂದು ಪರಿಸರ ಪ್ರೇಮಿಗಳು ಒತ್ತಾಯಿಸಿದ್ದಾರೆ. ಸಾರ್ವಜನಿಕರು ಮನೆಯ ಮೇಲೆ ಪಕ್ಷಿಗಳಿಗಾಗಿ ನೀರು ಇಡಬೇಕು ಎಂದು ಮನವಿ ಮಾಡಿದ್ದಾರೆ.
ಎಚ್ಚರಿಕೆ ಮಾತ್ರವೇ ಜೀವರಕ್ಷಕ
ಮಳೆ ಆರಂಭವಾಗುವ ಸಮಯದಲ್ಲಿ ಗುಡುಗು, ಸಿಡಿಲಿನಿಂದ ಸಾವು ನೋವುಗಳು ಸಂಭವಿಸುವ ಸಾಧ್ಯತೆ ಹೆಚ್ಚು. ಬಯಲು ಪ್ರದೇಶದಲ್ಲಿ ಕೆಲಸ ಮಾಡುವ ರೈತರು, ಕುರಿಗಾಹಿಗಳು ಎಚ್ಚರಿಕೆ ವಹಿಸಬೇಕು. ಮರಗಳ ಕೆಳಗೆ ನಿಲ್ಲಬಾರದು, ವಿದ್ಯುತ್ ಕಂಬಗಳಿಂದ ದೂರವಿರಬೇಕು. ಮುನ್ನೆಚ್ಚರಿಕೆಯೇ ಜೀವ ಉಳಿಸುವ ದಾರಿ ಎಂದು ವಿಪತ್ತು ನಿರ್ವಹಣಾ ಪ್ರಾಧಿಕಾರದ ಅಧಿಕಾರಿಗಳು ತಿಳಿಸಿದ್ದಾರೆ.
